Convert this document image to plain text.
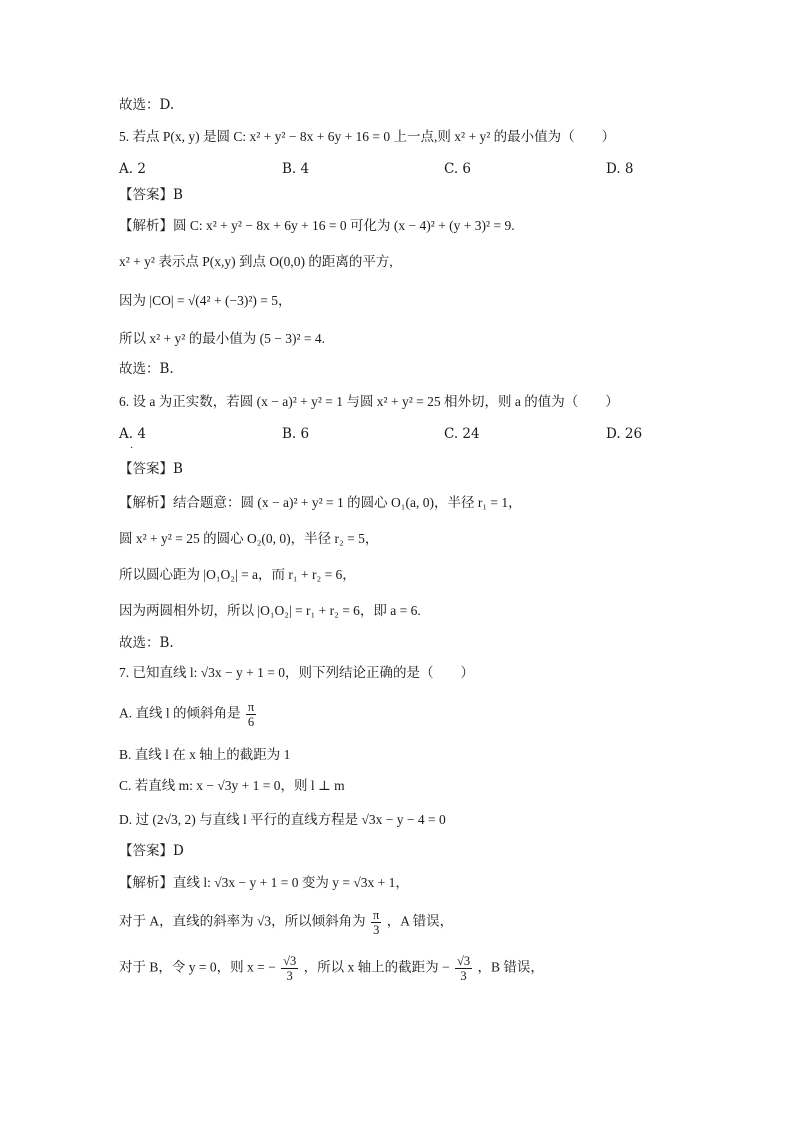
故选：D.
5. 若点 P(x, y) 是圆 C: x² + y² − 8x + 6y + 16 = 0 上一点,则 x² + y² 的最小值为（　　）
A. 2	B. 4	C. 6	D. 8
【答案】B
【解析】圆 C: x² + y² − 8x + 6y + 16 = 0 可化为 (x − 4)² + (y + 3)² = 9.
x² + y² 表示点 P(x,y) 到点 O(0,0) 的距离的平方,
因为 |CO| = √(4² + (−3)²) = 5，
所以 x² + y² 的最小值为 (5 − 3)² = 4.
故选：B.
6. 设 a 为正实数，若圆 (x − a)² + y² = 1 与圆 x² + y² = 25 相外切，则 a 的值为（　　）
A. 4	B. 6	C. 24	D. 26
·
【答案】B
【解析】结合题意：圆 (x − a)² + y² = 1 的圆心 O₁(a, 0)，半径 r₁ = 1，
圆 x² + y² = 25 的圆心 O₂(0, 0)，半径 r₂ = 5，
所以圆心距为 |O₁O₂| = a，而 r₁ + r₂ = 6，
因为两圆相外切，所以 |O₁O₂| = r₁ + r₂ = 6，即 a = 6.
故选：B.
7. 已知直线 l: √3x − y + 1 = 0，则下列结论正确的是（　　）
A. 直线 l 的倾斜角是 $\frac{\pi}{6}$
B. 直线 l 在 x 轴上的截距为 1
C. 若直线 m: x − √3y + 1 = 0，则 l ⊥ m
D. 过 (2√3, 2) 与直线 l 平行的直线方程是 √3x − y − 4 = 0
【答案】D
【解析】直线 l: √3x − y + 1 = 0 变为 y = √3x + 1，
对于 A，直线的斜率为 √3，所以倾斜角为 $\frac{\pi}{3}$ ，A 错误，
对于 B，令 y = 0，则 x = − $\frac{√3}{3}$ ，所以 x 轴上的截距为 − $\frac{√3}{3}$ ，B 错误，
